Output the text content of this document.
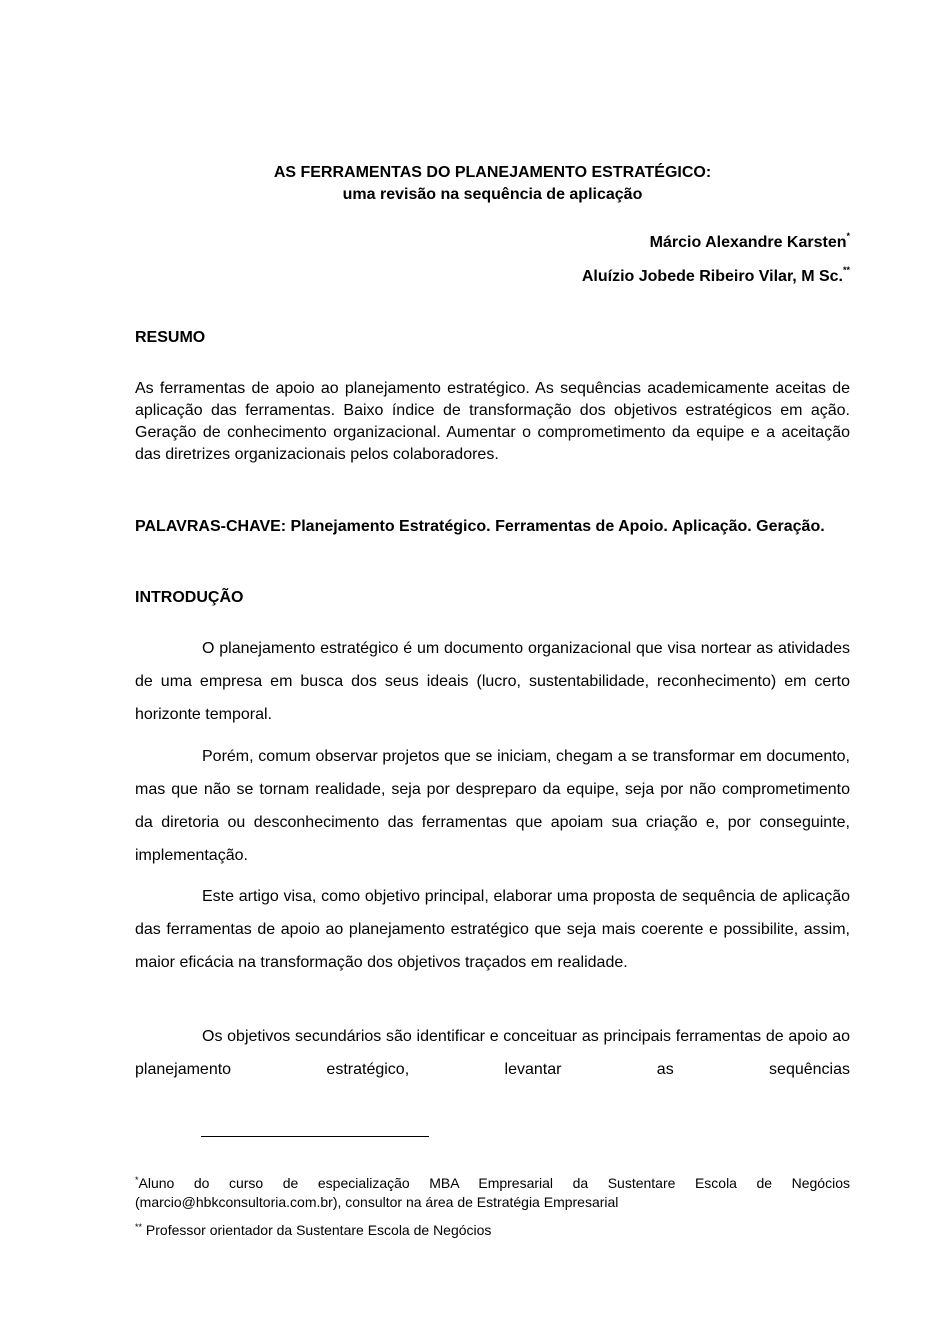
AS FERRAMENTAS DO PLANEJAMENTO ESTRATÉGICO:
uma revisão na sequência de aplicação
Márcio Alexandre Karsten*
Aluízio Jobede Ribeiro Vilar, M Sc.**
RESUMO
As ferramentas de apoio ao planejamento estratégico. As sequências academicamente aceitas de aplicação das ferramentas. Baixo índice de transformação dos objetivos estratégicos em ação. Geração de conhecimento organizacional. Aumentar o comprometimento da equipe e a aceitação das diretrizes organizacionais pelos colaboradores.
PALAVRAS-CHAVE: Planejamento Estratégico. Ferramentas de Apoio. Aplicação. Geração.
INTRODUÇÃO
O planejamento estratégico é um documento organizacional que visa nortear as atividades de uma empresa em busca dos seus ideais (lucro, sustentabilidade, reconhecimento) em certo horizonte temporal.
Porém, comum observar projetos que se iniciam, chegam a se transformar em documento, mas que não se tornam realidade, seja por despreparo da equipe, seja por não comprometimento da diretoria ou desconhecimento das ferramentas que apoiam sua criação e, por conseguinte, implementação.
Este artigo visa, como objetivo principal, elaborar uma proposta de sequência de aplicação das ferramentas de apoio ao planejamento estratégico que seja mais coerente e possibilite, assim, maior eficácia na transformação dos objetivos traçados em realidade.
Os objetivos secundários são identificar e conceituar as principais ferramentas de apoio ao planejamento estratégico, levantar as sequências
*Aluno do curso de especialização MBA Empresarial da Sustentare Escola de Negócios (marcio@hbkconsultoria.com.br), consultor na área de Estratégia Empresarial
** Professor orientador da Sustentare Escola de Negócios
